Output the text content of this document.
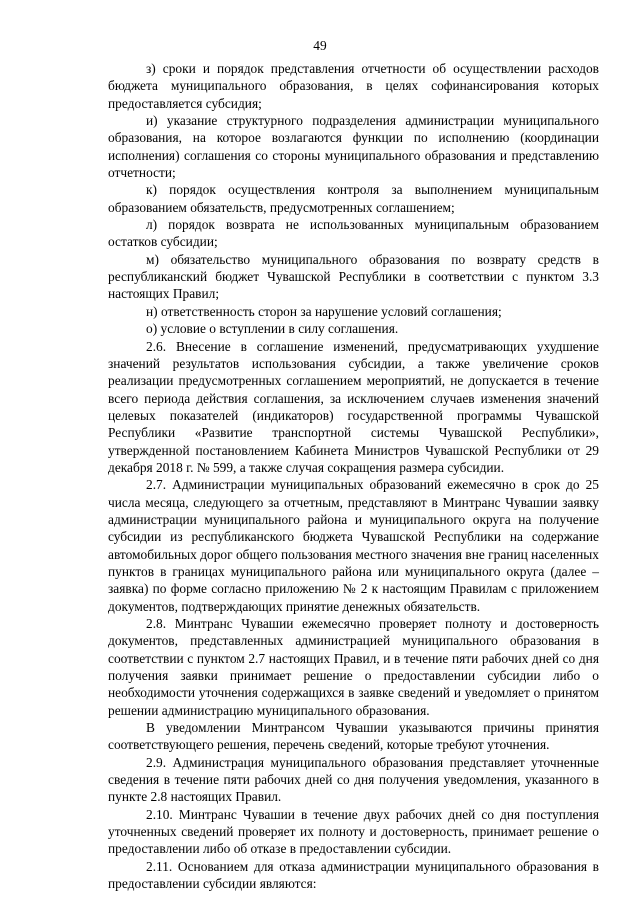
49

з) сроки и порядок представления отчетности об осуществлении расходов бюджета муниципального образования, в целях софинансирования которых предоставляется субсидия;

и) указание структурного подразделения администрации муниципального образования, на которое возлагаются функции по исполнению (координации исполнения) соглашения со стороны муниципального образования и представлению отчетности;

к) порядок осуществления контроля за выполнением муниципальным образованием обязательств, предусмотренных соглашением;

л) порядок возврата не использованных муниципальным образованием остатков субсидии;

м) обязательство муниципального образования по возврату средств в республиканский бюджет Чувашской Республики в соответствии с пунктом 3.3 настоящих Правил;

н) ответственность сторон за нарушение условий соглашения;

о) условие о вступлении в силу соглашения.

2.6. Внесение в соглашение изменений, предусматривающих ухудшение значений результатов использования субсидии, а также увеличение сроков реализации предусмотренных соглашением мероприятий, не допускается в течение всего периода действия соглашения, за исключением случаев изменения значений целевых показателей (индикаторов) государственной программы Чувашской Республики «Развитие транспортной системы Чувашской Республики», утвержденной постановлением Кабинета Министров Чувашской Республики от 29 декабря 2018 г. № 599, а также случая сокращения размера субсидии.

2.7. Администрации муниципальных образований ежемесячно в срок до 25 числа месяца, следующего за отчетным, представляют в Минтранс Чувашии заявку администрации муниципального района и муниципального округа на получение субсидии из республиканского бюджета Чувашской Республики на содержание автомобильных дорог общего пользования местного значения вне границ населенных пунктов в границах муниципального района или муниципального округа (далее – заявка) по форме согласно приложению № 2 к настоящим Правилам с приложением документов, подтверждающих принятие денежных обязательств.

2.8. Минтранс Чувашии ежемесячно проверяет полноту и достоверность документов, представленных администрацией муниципального образования в соответствии с пунктом 2.7 настоящих Правил, и в течение пяти рабочих дней со дня получения заявки принимает решение о предоставлении субсидии либо о необходимости уточнения содержащихся в заявке сведений и уведомляет о принятом решении администрацию муниципального образования.

В уведомлении Минтрансом Чувашии указываются причины принятия соответствующего решения, перечень сведений, которые требуют уточнения.

2.9. Администрация муниципального образования представляет уточненные сведения в течение пяти рабочих дней со дня получения уведомления, указанного в пункте 2.8 настоящих Правил.

2.10. Минтранс Чувашии в течение двух рабочих дней со дня поступления уточненных сведений проверяет их полноту и достоверность, принимает решение о предоставлении либо об отказе в предоставлении субсидии.

2.11. Основанием для отказа администрации муниципального образования в предоставлении субсидии являются:
